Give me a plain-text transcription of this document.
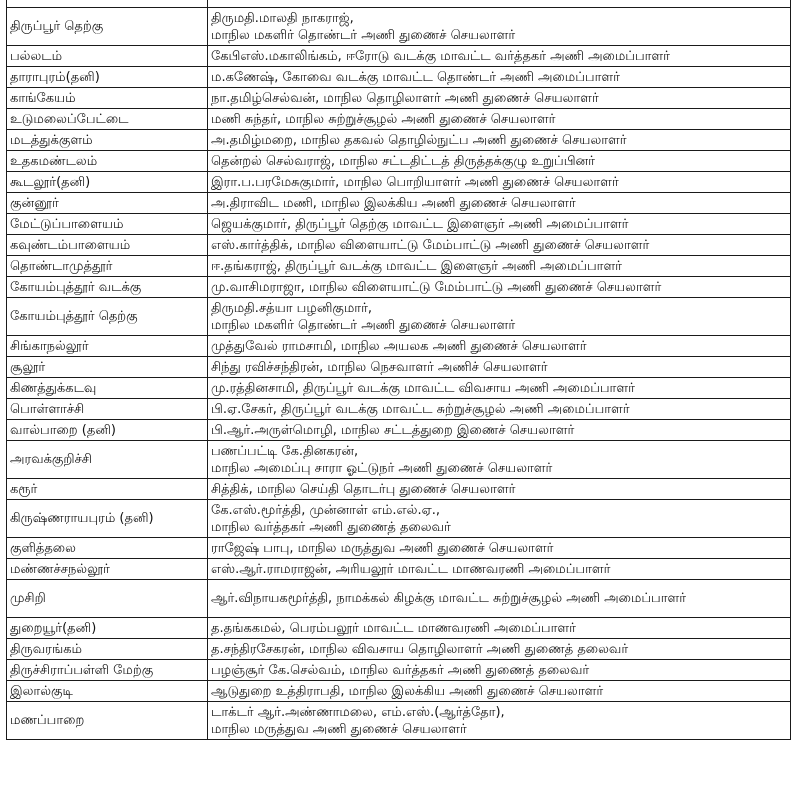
திருப்பூர் தெற்கு	திருமதி.மாலதி நாகராஜ்,
மாநில மகளிர் தொண்டர் அணி துணைச் செயலாளர்
பல்லடம்	கேபிஎஸ்.மகாலிங்கம், ஈரோடு வடக்கு மாவட்ட வர்த்தகர் அணி அமைப்பாளர்
தாராபுரம்(தனி)	ம.கணேஷ், கோவை வடக்கு மாவட்ட தொண்டர் அணி அமைப்பாளர்
காங்கேயம்	நா.தமிழ்செல்வன், மாநில தொழிலாளர் அணி துணைச் செயலாளர்
உடுமலைப்பேட்டை	மணி சுந்தர், மாநில சுற்றுச்சூழல் அணி துணைச் செயலாளர்
மடத்துக்குளம்	அ.தமிழ்மறை, மாநில தகவல் தொழில்நுட்ப அணி துணைச் செயலாளர்
உதகமண்டலம்	தென்றல் செல்வராஜ், மாநில சட்டதிட்டத் திருத்தக்குழு உறுப்பினர்
கூடலூர்(தனி)	இரா.ப.பரமேசுகுமார், மாநில பொறியாளர் அணி துணைச் செயலாளர்
குன்னூர்	அ.திராவிட மணி, மாநில இலக்கிய அணி துணைச் செயலாளர்
மேட்டுப்பாளையம்	ஜெயக்குமார், திருப்பூர் தெற்கு மாவட்ட இளைஞர் அணி அமைப்பாளர்
கவுண்டம்பாளையம்	எஸ்.கார்த்திக், மாநில விளையாட்டு மேம்பாட்டு அணி துணைச் செயலாளர்
தொண்டாமுத்தூர்	ஈ.தங்கராஜ், திருப்பூர் வடக்கு மாவட்ட இளைஞர் அணி அமைப்பாளர்
கோயம்புத்தூர் வடக்கு	மு.வாசிமராஜா, மாநில விளையாட்டு மேம்பாட்டு அணி துணைச் செயலாளர்
கோயம்புத்தூர் தெற்கு	திருமதி.சத்யா பழனிகுமார்,
மாநில மகளிர் தொண்டர் அணி துணைச் செயலாளர்
சிங்காநல்லூர்	முத்துவேல் ராமசாமி, மாநில அயலக அணி துணைச் செயலாளர்
சூலூர்	சிந்து ரவிச்சந்திரன், மாநில நெசவாளர் அணிச் செயலாளர்
கிணத்துக்கடவு	மு.ரத்தினசாமி, திருப்பூர் வடக்கு மாவட்ட விவசாய அணி அமைப்பாளர்
பொள்ளாச்சி	பி.ஏ.சேகர், திருப்பூர் வடக்கு மாவட்ட சுற்றுச்சூழல் அணி அமைப்பாளர்
வால்பாறை (தனி)	பி.ஆர்.அருள்மொழி, மாநில சட்டத்துறை இணைச் செயலாளர்
அரவக்குறிச்சி	பணப்பட்டி கே.தினகரன்,
மாநில அமைப்பு சாரா ஓட்டுநர் அணி துணைச் செயலாளர்
கரூர்	சித்திக், மாநில செய்தி தொடர்பு துணைச் செயலாளர்
கிருஷ்ணராயபுரம் (தனி)	கே.எஸ்.மூர்த்தி, முன்னாள் எம்.எல்.ஏ.,
மாநில வர்த்தகர் அணி துணைத் தலைவர்
குளித்தலை	ராஜேஷ் பாபு, மாநில மருத்துவ அணி துணைச் செயலாளர்
மண்ணச்சநல்லூர்	எஸ்.ஆர்.ராமராஜன், அரியலூர் மாவட்ட மாணவரணி அமைப்பாளர்
முசிறி	ஆர்.விநாயகமூர்த்தி, நாமக்கல் கிழக்கு மாவட்ட சுற்றுச்சூழல் அணி அமைப்பாளர்
துறையூர்(தனி)	த.தங்ககமல், பெரம்பலூர் மாவட்ட மாணவரணி அமைப்பாளர்
திருவரங்கம்	த.சந்திரசேகரன், மாநில விவசாய தொழிலாளர் அணி துணைத் தலைவர்
திருச்சிராப்பள்ளி மேற்கு	பழஞ்சூர் கே.செல்வம், மாநில வர்த்தகர் அணி துணைத் தலைவர்
இலால்குடி	ஆடுதுறை உத்திராபதி, மாநில இலக்கிய அணி துணைச் செயலாளர்
மணப்பாறை	டாக்டர் ஆர்.அண்ணாமலை, எம்.எஸ்.(ஆர்த்தோ),
மாநில மருத்துவ அணி துணைச் செயலாளர்
